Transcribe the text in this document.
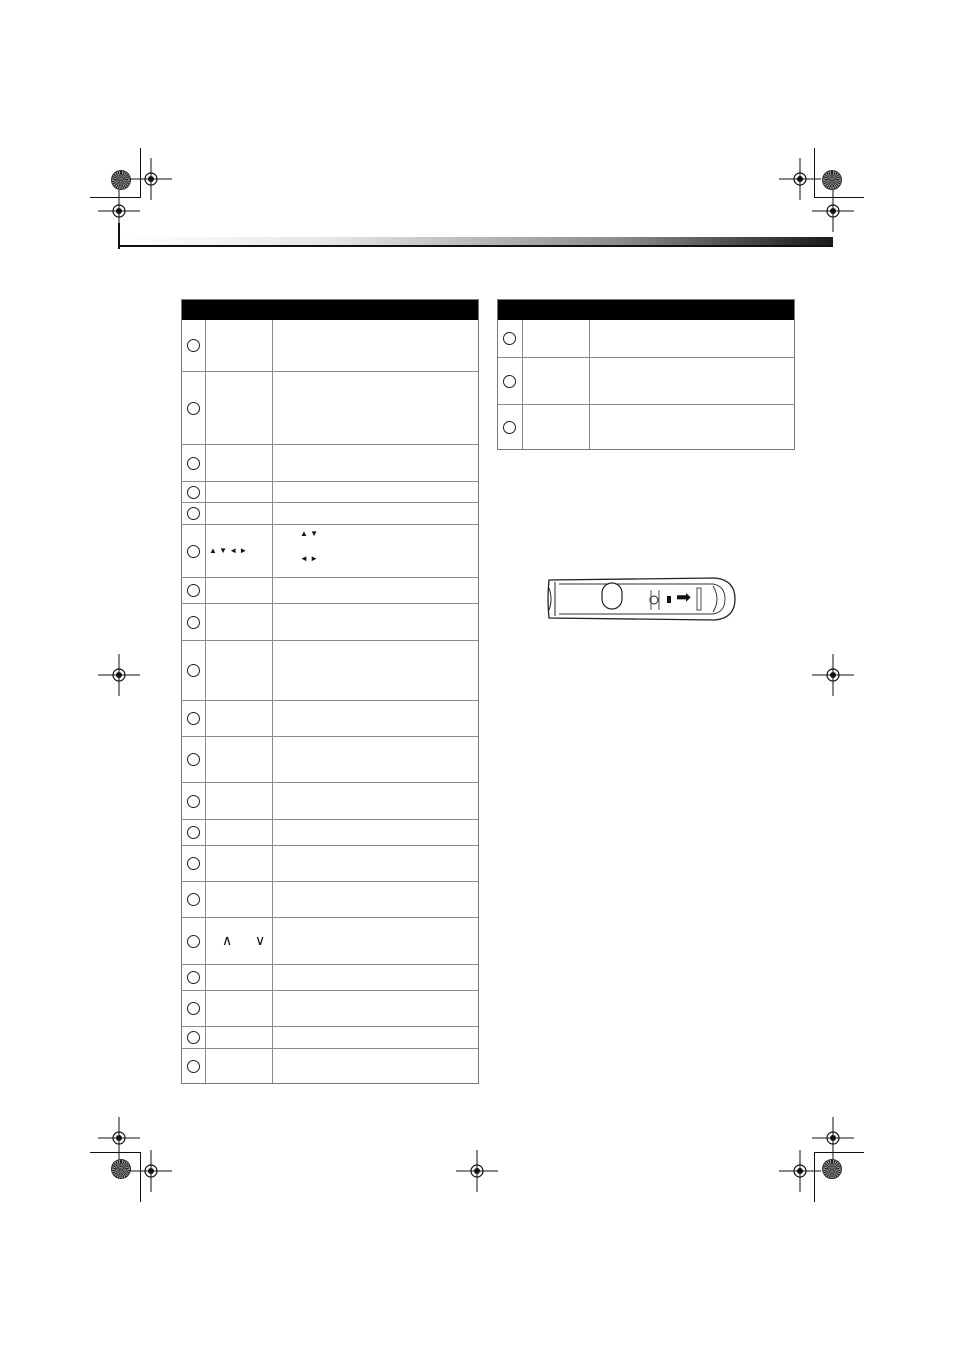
▲ ▼ ◄ ►
▲ ▼
◄ ►
∧ ∨
➡
